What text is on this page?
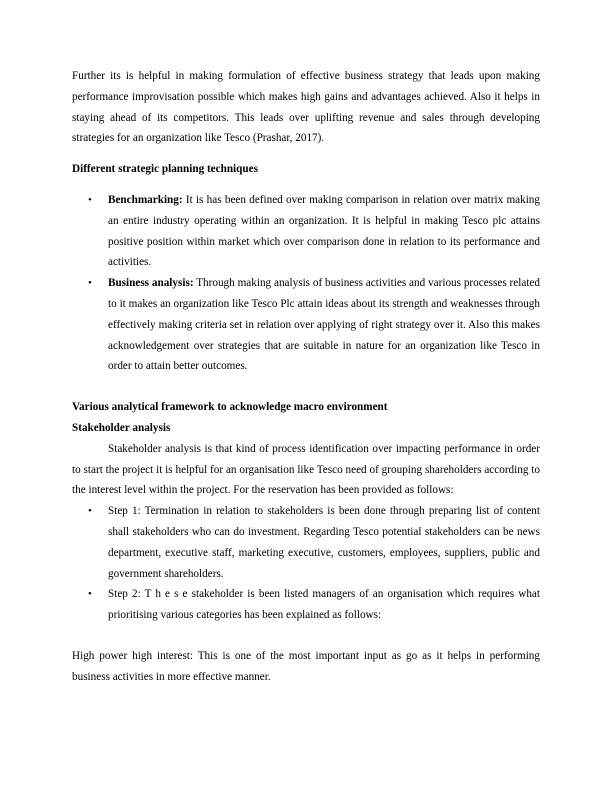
Further its is helpful in making formulation of effective business strategy that leads upon making performance improvisation possible which makes high gains and advantages achieved. Also it helps in staying ahead of its competitors. This leads over uplifting revenue and sales through developing strategies for an organization like Tesco (Prashar, 2017).

Different strategic planning techniques

• Benchmarking: It is has been defined over making comparison in relation over matrix making an entire industry operating within an organization. It is helpful in making Tesco plc attains positive position within market which over comparison done in relation to its performance and activities.
• Business analysis: Through making analysis of business activities and various processes related to it makes an organization like Tesco Plc attain ideas about its strength and weaknesses through effectively making criteria set in relation over applying of right strategy over it. Also this makes acknowledgement over strategies that are suitable in nature for an organization like Tesco in order to attain better outcomes.

Various analytical framework to acknowledge macro environment

Stakeholder analysis

Stakeholder analysis is that kind of process identification over impacting performance in order to start the project it is helpful for an organisation like Tesco need of grouping shareholders according to the interest level within the project. For the reservation has been provided as follows:

• Step 1: Termination in relation to stakeholders is been done through preparing list of content shall stakeholders who can do investment. Regarding Tesco potential stakeholders can be news department, executive staff, marketing executive, customers, employees, suppliers, public and government shareholders.
• Step 2: T h e s e stakeholder is been listed managers of an organisation which requires what prioritising various categories has been explained as follows:

High power high interest: This is one of the most important input as go as it helps in performing business activities in more effective manner.
